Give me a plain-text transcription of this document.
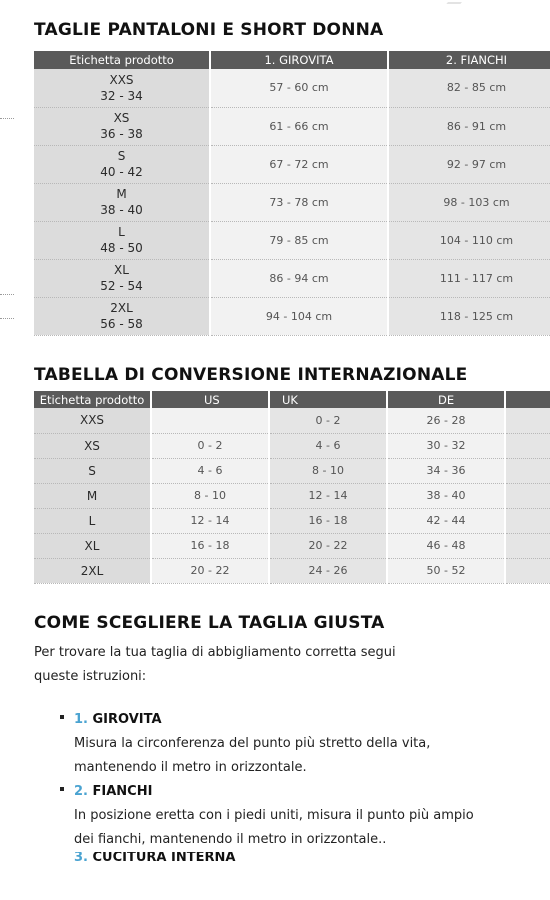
TAGLIE PANTALONI E SHORT DONNA
Etichetta prodotto	1. GIROVITA	2. FIANCHI

XXS
32 - 34	57 - 60 cm	82 - 85 cm

XS
36 - 38	61 - 66 cm	86 - 91 cm

S
40 - 42	67 - 72 cm	92 - 97 cm

M
38 - 40	73 - 78 cm	98 - 103 cm

L
48 - 50	79 - 85 cm	104 - 110 cm

XL
52 - 54	86 - 94 cm	111 - 117 cm

2XL
56 - 58	94 - 104 cm	118 - 125 cm
TABELLA DI CONVERSIONE INTERNAZIONALE
Etichetta prodotto	US	UK	DE	
XXS		0 - 2	26 - 28	
XS	0 - 2	4 - 6	30 - 32	
S	4 - 6	8 - 10	34 - 36	
M	8 - 10	12 - 14	38 - 40	
L	12 - 14	16 - 18	42 - 44	
XL	16 - 18	20 - 22	46 - 48	
2XL	20 - 22	24 - 26	50 - 52	
COME SCEGLIERE LA TAGLIA GIUSTA

Per trovare la tua taglia di abbigliamento corretta segui queste istruzioni:

1. GIROVITA
Misura la circonferenza del punto più stretto della vita, mantenendo il metro in orizzontale.
2. FIANCHI
In posizione eretta con i piedi uniti, misura il punto più ampio dei fianchi, mantenendo il metro in orizzontale..
3. CUCITURA INTERNA
